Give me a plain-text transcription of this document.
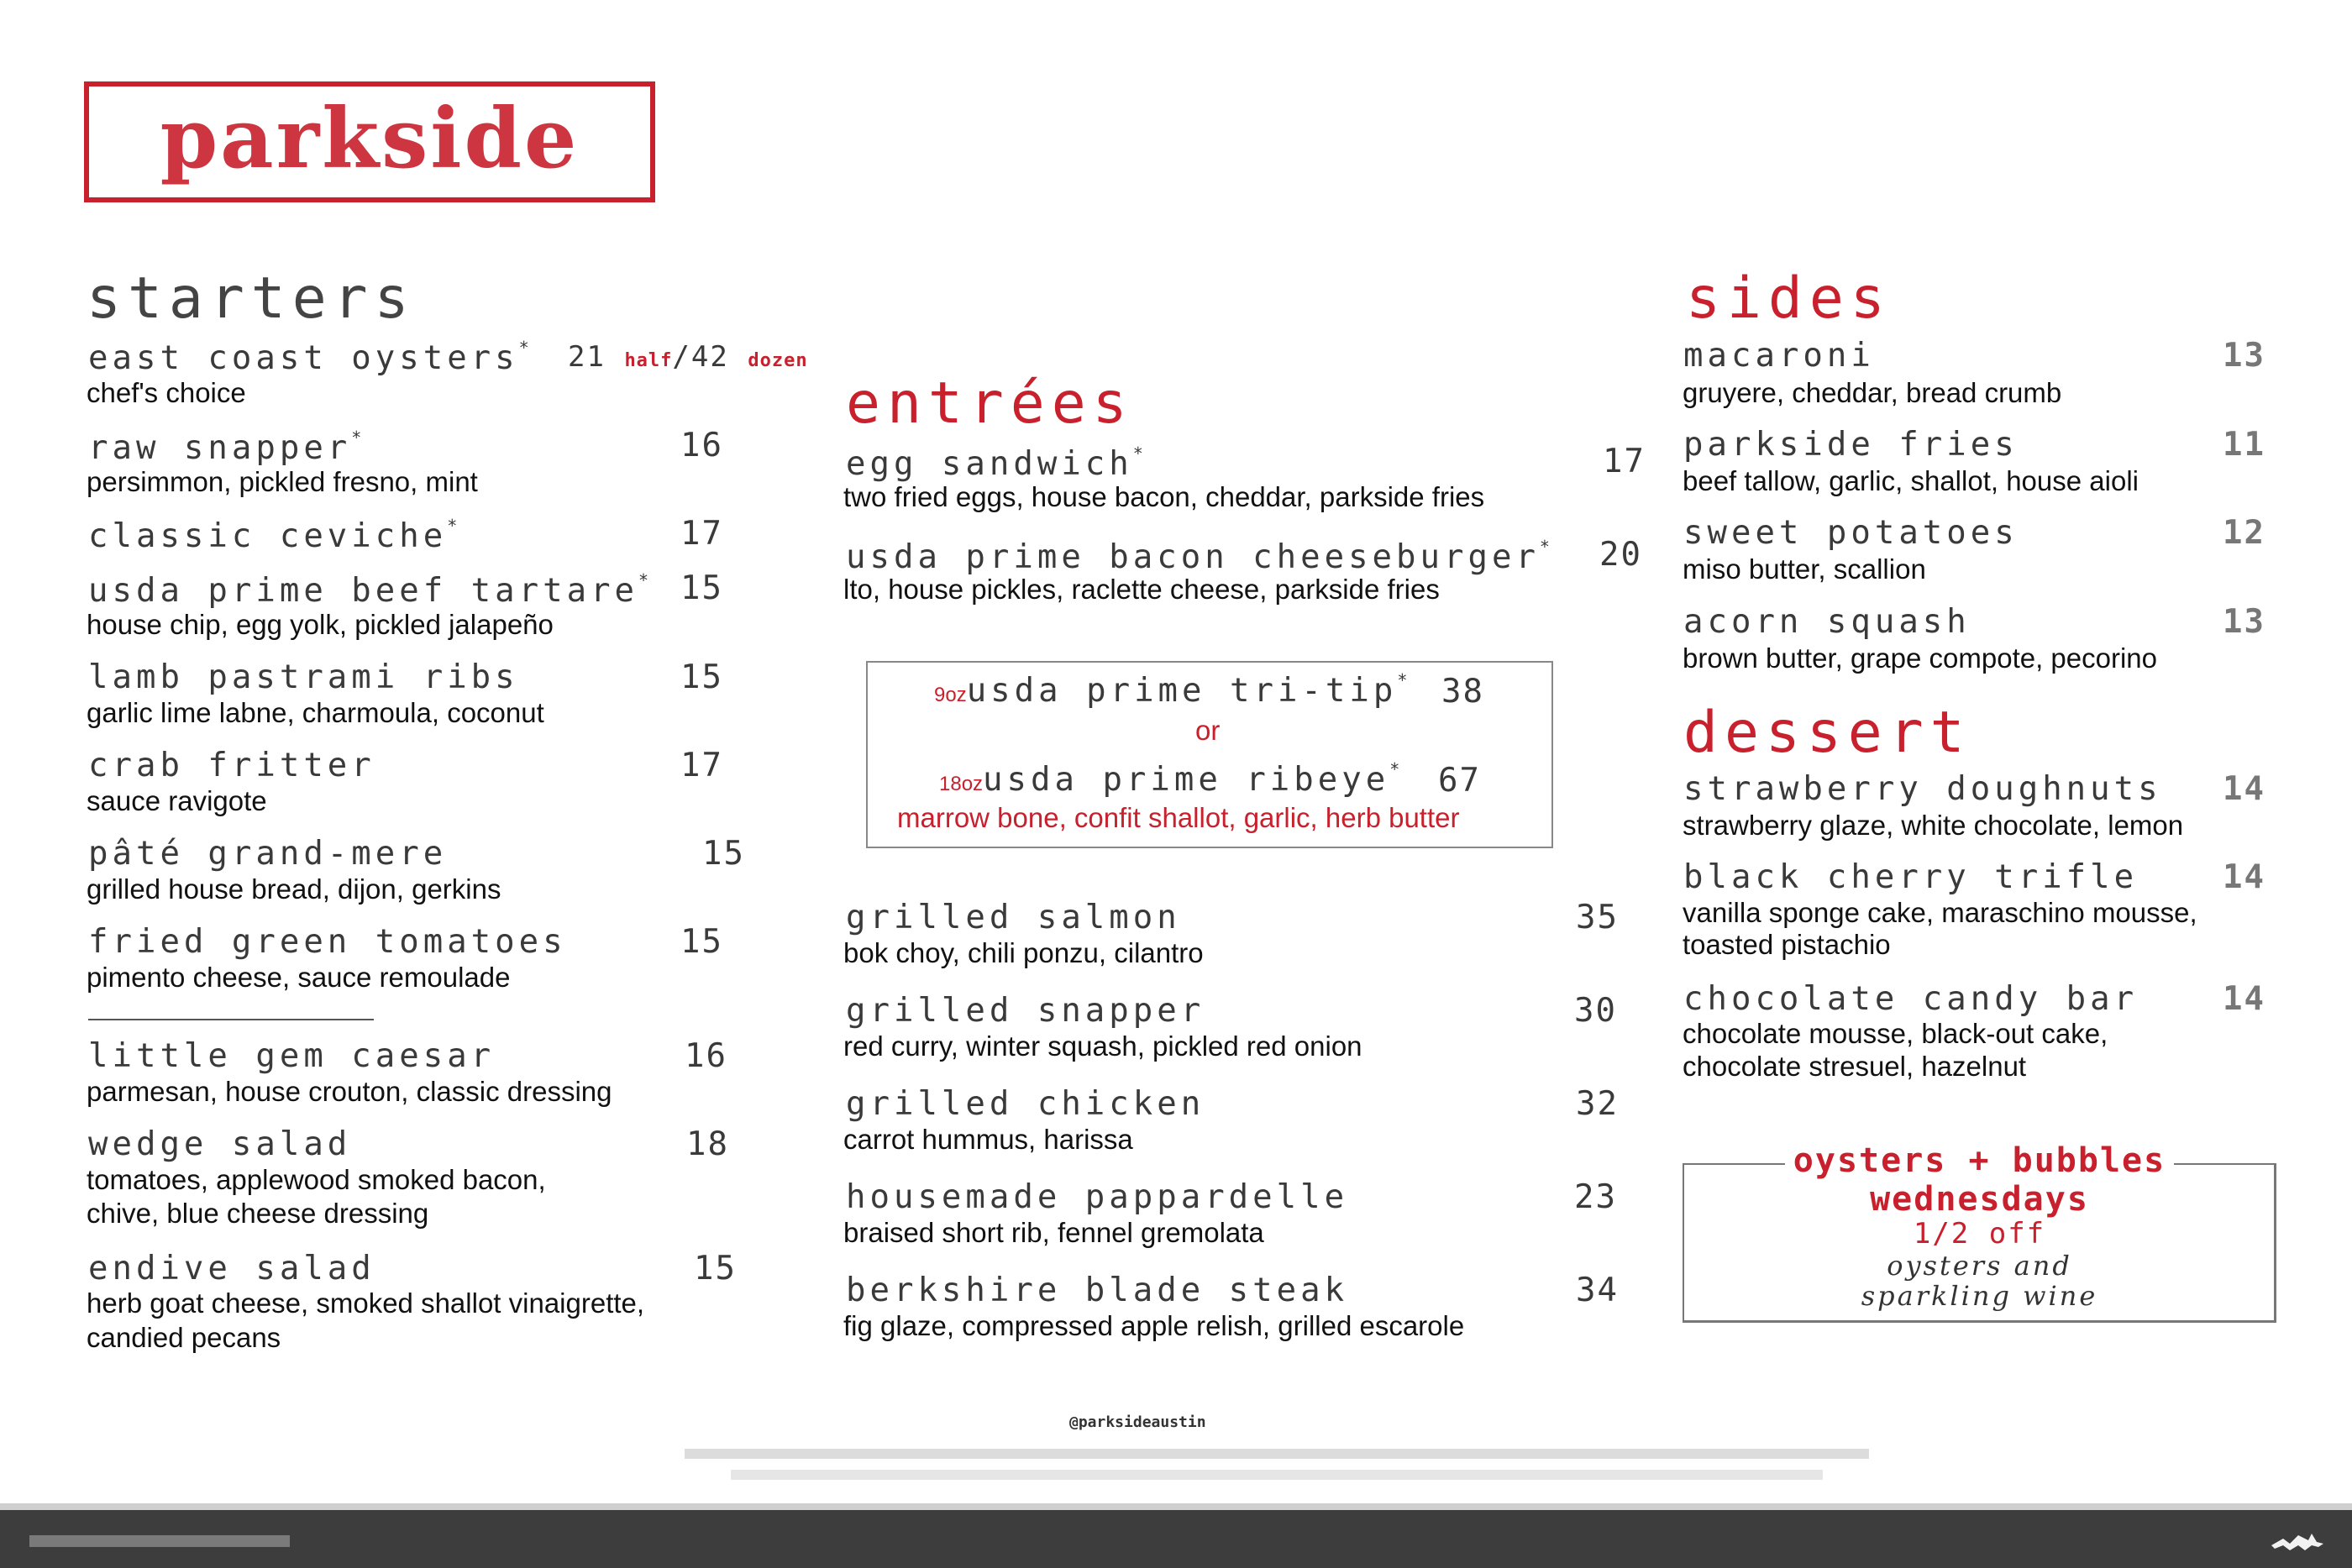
parkside
starters
east coast oysters* 21 half/42 dozen
chef's choice
raw snapper*	16
persimmon, pickled fresno, mint
classic ceviche*	17
usda prime beef tartare* 15
house chip, egg yolk, pickled jalapeño
lamb pastrami ribs	15
garlic lime labne, charmoula, coconut
crab fritter	17
sauce ravigote
pâté grand-mere	15
grilled house bread, dijon, gerkins
fried green tomatoes	15
pimento cheese, sauce remoulade
little gem caesar	16
parmesan, house crouton, classic dressing
wedge salad	18
tomatoes, applewood smoked bacon,
chive, blue cheese dressing
endive salad	15
herb goat cheese, smoked shallot vinaigrette,
candied pecans
entrées
egg sandwich*	17
two fried eggs, house bacon, cheddar, parkside fries
usda prime bacon cheeseburger* 20
lto, house pickles, raclette cheese, parkside fries
9ozusda prime tri-tip* 38
or
18ozusda prime ribeye* 67
marrow bone, confit shallot, garlic, herb butter
grilled salmon	35
bok choy, chili ponzu, cilantro
grilled snapper	30
red curry, winter squash, pickled red onion
grilled chicken	32
carrot hummus, harissa
housemade pappardelle	23
braised short rib, fennel gremolata
berkshire blade steak	34
fig glaze, compressed apple relish, grilled escarole
sides
macaroni	13
gruyere, cheddar, bread crumb
parkside fries	11
beef tallow, garlic, shallot, house aioli
sweet potatoes	12
miso butter, scallion
acorn squash	13
brown butter, grape compote, pecorino
dessert
strawberry doughnuts 14
strawberry glaze, white chocolate, lemon
black cherry trifle	14
vanilla sponge cake, maraschino mousse,
toasted pistachio
chocolate candy bar	14
chocolate mousse, black-out cake,
chocolate stresuel, hazelnut
oysters + bubbles
wednesdays
1/2 off
oysters and
sparkling wine
@parksideaustin
